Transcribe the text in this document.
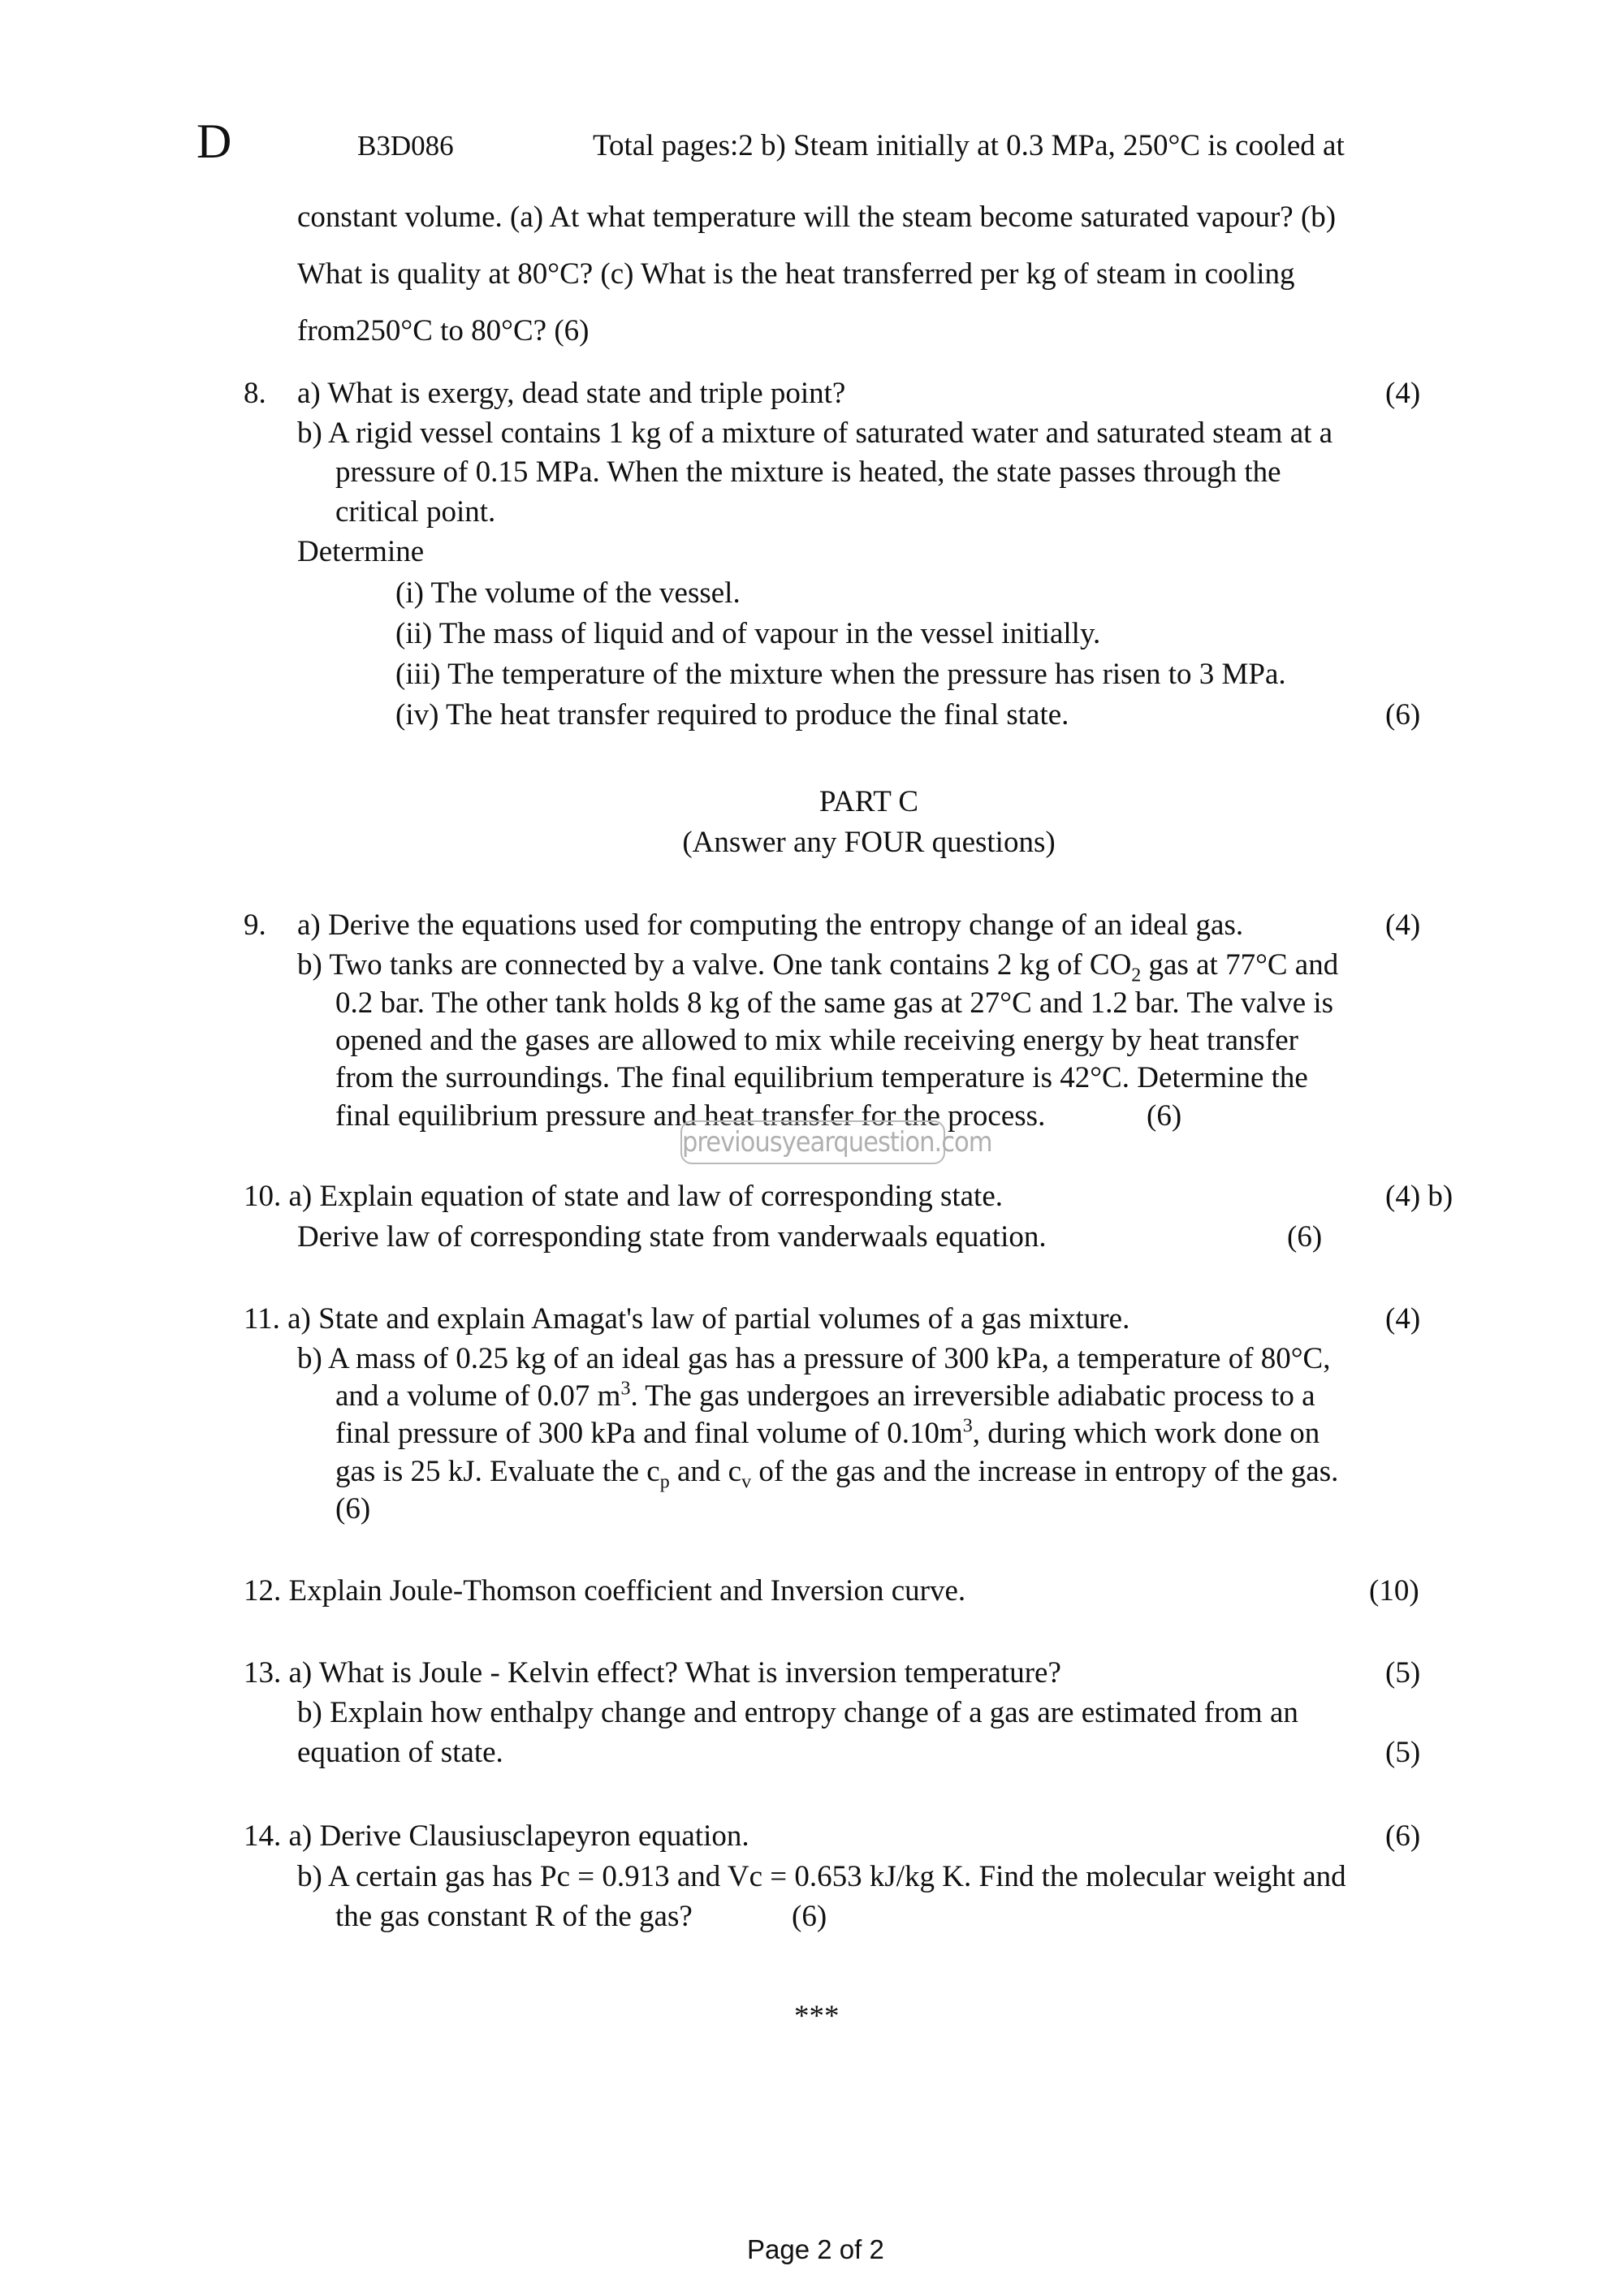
D	B3D086	Total pages:2 b) Steam initially at 0.3 MPa, 250°C is cooled at
constant volume. (a) At what temperature will the steam become saturated vapour? (b)
What is quality at 80°C? (c) What is the heat transferred per kg of steam in cooling
from250°C to 80°C? (6)
8. a) What is exergy, dead state and triple point?	(4)
b) A rigid vessel contains 1 kg of a mixture of saturated water and saturated steam at a
pressure of 0.15 MPa. When the mixture is heated, the state passes through the
critical point.
Determine
(i) The volume of the vessel.
(ii) The mass of liquid and of vapour in the vessel initially.
(iii) The temperature of the mixture when the pressure has risen to 3 MPa.
(iv) The heat transfer required to produce the final state.	(6)
PART C
(Answer any FOUR questions)
9. a) Derive the equations used for computing the entropy change of an ideal gas.	(4)
b) Two tanks are connected by a valve. One tank contains 2 kg of $CO_2$ gas at 77°C and
0.2 bar. The other tank holds 8 kg of the same gas at 27°C and 1.2 bar. The valve is
opened and the gases are allowed to mix while receiving energy by heat transfer
from the surroundings. The final equilibrium temperature is 42°C. Determine the
final equilibrium pressure and heat transfer for the process.	(6)
previousyearquestion.com
10. a) Explain equation of state and law of corresponding state.	(4) b)
Derive law of corresponding state from vanderwaals equation.	(6)
11. a) State and explain Amagat's law of partial volumes of a gas mixture.	(4)
b) A mass of 0.25 kg of an ideal gas has a pressure of 300 kPa, a temperature of 80°C,
and a volume of 0.07 $m^3$. The gas undergoes an irreversible adiabatic process to a
final pressure of 300 kPa and final volume of $0.10m^3$, during which work done on
gas is 25 kJ. Evaluate the $c_p$ and $c_v$ of the gas and the increase in entropy of the gas.
(6)
12. Explain Joule-Thomson coefficient and Inversion curve.	(10)
13. a) What is Joule - Kelvin effect? What is inversion temperature?	(5)
b) Explain how enthalpy change and entropy change of a gas are estimated from an
equation of state.	(5)
14. a) Derive Clausiusclapeyron equation.	(6)
b) A certain gas has Pc = 0.913 and Vc = 0.653 kJ/kg K. Find the molecular weight and
the gas constant R of the gas?	(6)
***
Page 2 of 2
